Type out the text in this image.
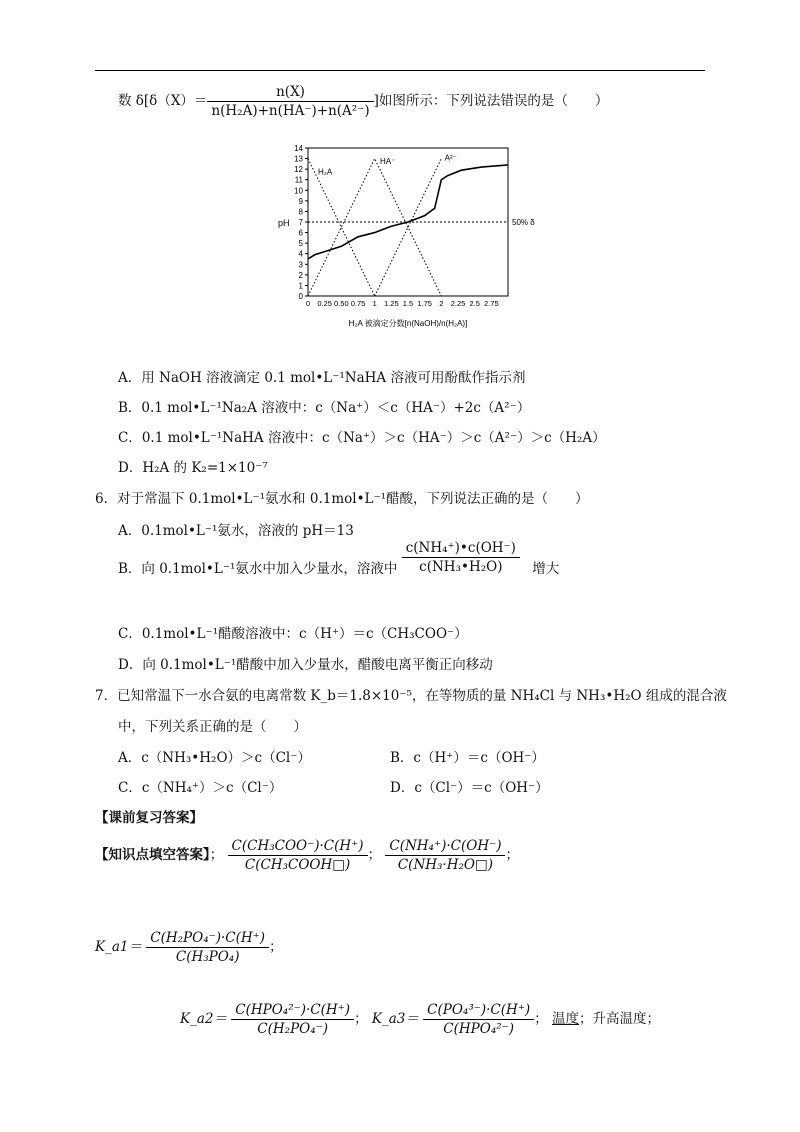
数 $\delta[\delta(X)= \frac{n(X)}{\text{n(H₂A)+n(HA⁻)+n(A²⁻)}}$ ]如图所示：下列说法错误的是（　　）
0
1
2
3
4
5
6
7
8
9
10
11
12
13
14
0 0.25 0.50 0.75 1 1.25 1.5 1.75 2 2.25 2.5 2.75
pH
H₂A 被滴定分数[n(NaOH)/n(H₂A)]
50% δ
H₂A
HA⁻	A²⁻
A．用 NaOH 溶液滴定 0.1 mol•L⁻¹NaHA 溶液可用酚酞作指示剂
B．0.1 mol•L⁻¹Na₂A 溶液中：c（Na⁺）＜c（HA⁻）+2c（A²⁻）
C．0.1 mol•L⁻¹NaHA 溶液中：c（Na⁺）＞c（HA⁻）＞c（A²⁻）＞c（H₂A）
D．H₂A 的 K₂=1×10⁻⁷
6．对于常温下 0.1mol•L⁻¹氨水和 0.1mol•L⁻¹醋酸，下列说法正确的是（　　）
A．0.1mol•L⁻¹氨水，溶液的 pH＝13
B．向 0.1mol•L⁻¹氨水中加入少量水，溶液中 $\frac{\text{c(NH₄⁺)•c(OH⁻)}}{\text{c(NH₃•H₂O)}}$ 增大
C．0.1mol•L⁻¹醋酸溶液中：c（H⁺）＝c（CH₃COO⁻）
D．向 0.1mol•L⁻¹醋酸中加入少量水，醋酸电离平衡正向移动
7．已知常温下一水合氨的电离常数 K_b＝1.8×10⁻⁵，在等物质的量 NH₄Cl 与 NH₃•H₂O 组成的混合液
中，下列关系正确的是（　　）
A．c（NH₃•H₂O）＞c（Cl⁻）	B．c（H⁺）＝c（OH⁻）
C．c（NH₄⁺）＞c（Cl⁻）	D．c（Cl⁻）＝c（OH⁻）
【课前复习答案】
【知识点填空答案】； $\frac{\text{C(CH₃COO⁻)·C(H⁺)}}{\text{C(CH₃COOH□)}}$ ； $\frac{\text{C(NH₄⁺)·C(OH⁻)}}{\text{C(NH₃·H₂O□)}}$ ；
K_a1＝ $\frac{\text{C(H₂PO₄⁻)·C(H⁺)}}{\text{C(H₃PO₄)}}$ ；
K_a2＝ $\frac{\text{C(HPO₄²⁻)·C(H⁺)}}{\text{C(H₂PO₄⁻)}}$ ； K_a3＝ $\frac{\text{C(PO₄³⁻)·C(H⁺)}}{\text{C(HPO₄²⁻)}}$ ； 温度；升高温度；
